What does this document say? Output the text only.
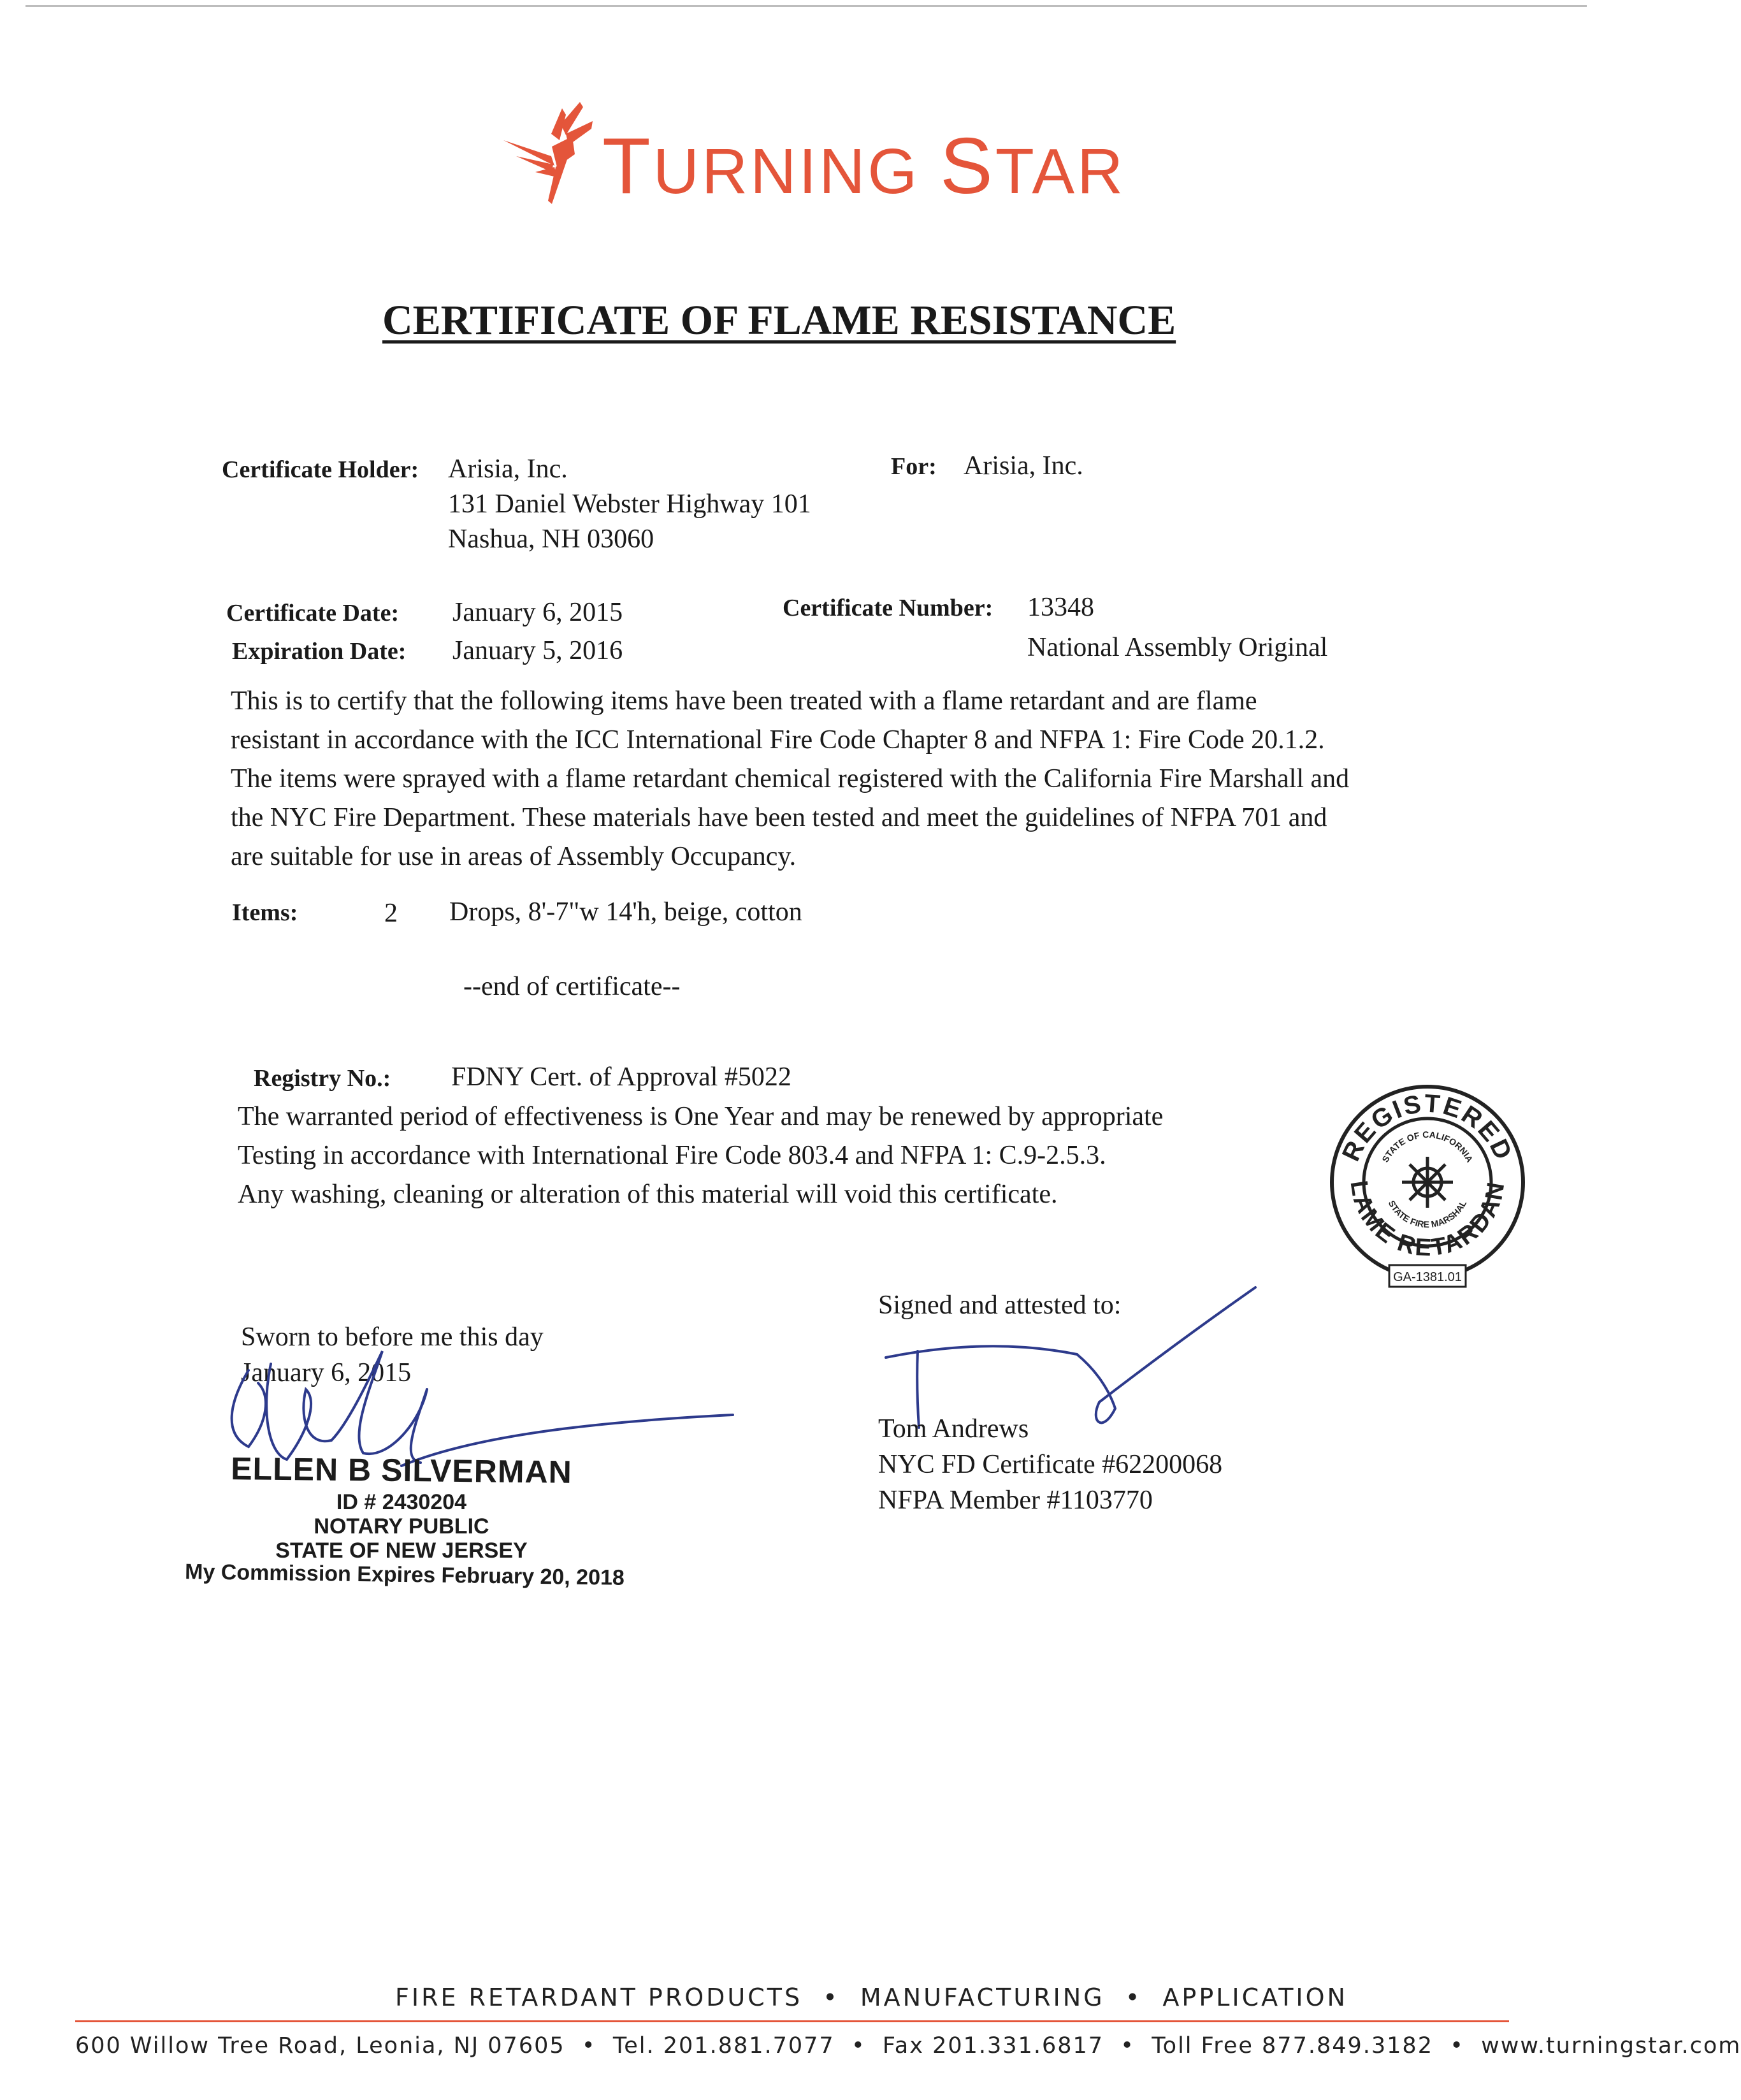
TURNING STAR
CERTIFICATE OF FLAME RESISTANCE
Certificate Holder: Arisia, Inc.
131 Daniel Webster Highway 101
Nashua, NH 03060
For: Arisia, Inc.
Certificate Date: January 6, 2015
Expiration Date: January 5, 2016
Certificate Number: 13348
National Assembly Original
This is to certify that the following items have been treated with a flame retardant and are flame
resistant in accordance with the ICC International Fire Code Chapter 8 and NFPA 1: Fire Code 20.1.2.
The items were sprayed with a flame retardant chemical registered with the California Fire Marshall and
the NYC Fire Department. These materials have been tested and meet the guidelines of NFPA 701 and
are suitable for use in areas of Assembly Occupancy.
Items:	2 Drops, 8'-7"w 14'h, beige, cotton
--end of certificate--
Registry No.: FDNY Cert. of Approval #5022
The warranted period of effectiveness is One Year and may be renewed by appropriate
Testing in accordance with International Fire Code 803.4 and NFPA 1: C.9-2.5.3.
Any washing, cleaning or alteration of this material will void this certificate.
REGISTERED
LAME RETARDAN
STATE OF CALIFORNIA
STATE FIRE MARSHAL
GA-1381.01
Sworn to before me this day
January 6, 2015
ELLEN B SILVERMAN
ID # 2430204
NOTARY PUBLIC
STATE OF NEW JERSEY
My Commission Expires February 20, 2018
Signed and attested to:
Tom Andrews
NYC FD Certificate #62200068
NFPA Member #1103770
FIRE RETARDANT PRODUCTS  •  MANUFACTURING  •  APPLICATION
600 Willow Tree Road, Leonia, NJ 07605  •  Tel. 201.881.7077  •  Fax 201.331.6817  •  Toll Free 877.849.3182  •  www.turningstar.com
